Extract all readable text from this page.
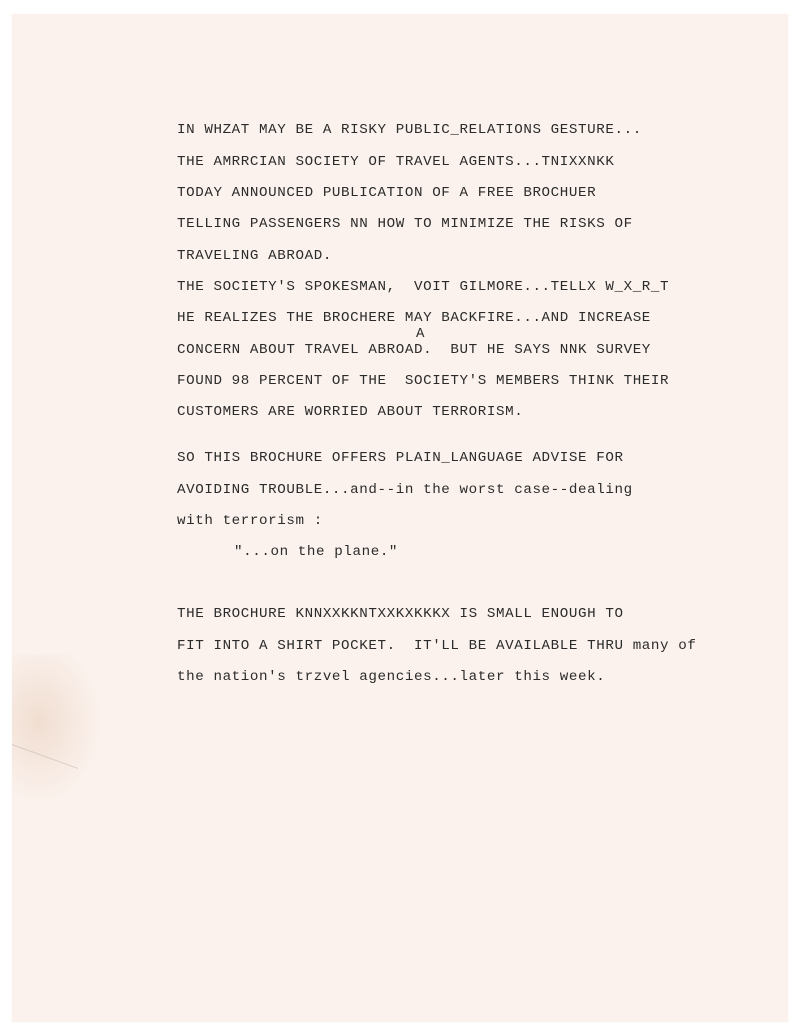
IN WHZAT MAY BE A RISKY PUBLIC_RELATIONS GESTURE...

THE AMRRCIAN SOCIETY OF TRAVEL AGENTS...TNIXXNKK

TODAY ANNOUNCED PUBLICATION OF A FREE BROCHUER

TELLING PASSENGERS NN HOW TO MINIMIZE THE RISKS OF

TRAVELING ABROAD.

THE SOCIETY'S SPOKESMAN,  VOIT GILMORE...TELLX W_X_R_T

HE REALIZES THE BROCHERE MAY BACKFIRE...AND INCREASE

CONCERN ABOUT TRAVEL ABROAD.  BUT HE SAYS NNK SURVEY

FOUND 98 PERCENT OF THE  SOCIETY'S MEMBERS THINK THEIR

CUSTOMERS ARE WORRIED ABOUT TERRORISM.

SO THIS BROCHURE OFFERS PLAIN_LANGUAGE ADVISE FOR

AVOIDING TROUBLE...and--in the worst case--dealing

with terrorism :

"...on the plane."

THE BROCHURE KNNXXKKNTXXKXKKKX IS SMALL ENOUGH TO

FIT INTO A SHIRT POCKET.  IT'LL BE AVAILABLE THRU many of

the nation's trzvel agencies...later this week.

A
